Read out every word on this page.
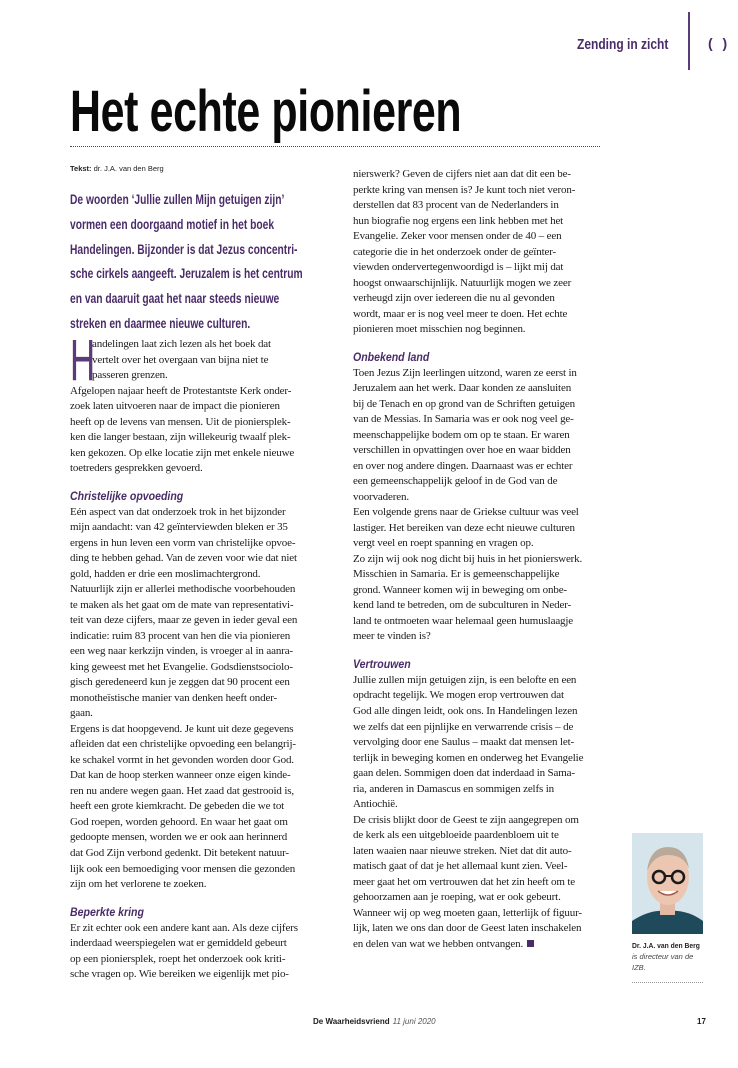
Zending in zicht	( )
Het echte pionieren
Tekst: dr. J.A. van den Berg
De woorden ‘Jullie zullen Mijn getuigen zijn’
vormen een doorgaand motief in het boek
Handelingen. Bijzonder is dat Jezus concentri-
sche cirkels aangeeft. Jeruzalem is het centrum
en van daaruit gaat het naar steeds nieuwe
streken en daarmee nieuwe culturen.
H
andelingen laat zich lezen als het boek dat
vertelt over het overgaan van bijna niet te
passeren grenzen.
Afgelopen najaar heeft de Protestantste Kerk onder-
zoek laten uitvoeren naar de impact die pionieren
heeft op de levens van mensen. Uit de pioniersplek-
ken die langer bestaan, zijn willekeurig twaalf plek-
ken gekozen. Op elke locatie zijn met enkele nieuwe
toetreders gesprekken gevoerd.
Christelijke opvoeding
Eén aspect van dat onderzoek trok in het bijzonder
mijn aandacht: van 42 geïnterviewden bleken er 35
ergens in hun leven een vorm van christelijke opvoe-
ding te hebben gehad. Van de zeven voor wie dat niet
gold, hadden er drie een moslimachtergrond.
Natuurlijk zijn er allerlei methodische voorbehouden
te maken als het gaat om de mate van representativi-
teit van deze cijfers, maar ze geven in ieder geval een
indicatie: ruim 83 procent van hen die via pionieren
een weg naar kerkzijn vinden, is vroeger al in aanra-
king geweest met het Evangelie. Godsdienstsociolo-
gisch geredeneerd kun je zeggen dat 90 procent een
monotheïstische manier van denken heeft onder-
gaan.
Ergens is dat hoopgevend. Je kunt uit deze gegevens
afleiden dat een christelijke opvoeding een belangrij-
ke schakel vormt in het gevonden worden door God.
Dat kan de hoop sterken wanneer onze eigen kinde-
ren nu andere wegen gaan. Het zaad dat gestrooid is,
heeft een grote kiemkracht. De gebeden die we tot
God roepen, worden gehoord. En waar het gaat om
gedoopte mensen, worden we er ook aan herinnerd
dat God Zijn verbond gedenkt. Dit betekent natuur-
lijk ook een bemoediging voor mensen die gezonden
zijn om het verlorene te zoeken.
Beperkte kring
Er zit echter ook een andere kant aan. Als deze cijfers
inderdaad weerspiegelen wat er gemiddeld gebeurt
op een pioniersplek, roept het onderzoek ook kriti-
sche vragen op. Wie bereiken we eigenlijk met pio-
nierswerk? Geven de cijfers niet aan dat dit een be-
perkte kring van mensen is? Je kunt toch niet veron-
derstellen dat 83 procent van de Nederlanders in
hun biografie nog ergens een link hebben met het
Evangelie. Zeker voor mensen onder de 40 – een
categorie die in het onderzoek onder de geïnter-
viewden ondervertegenwoordigd is – lijkt mij dat
hoogst onwaarschijnlijk. Natuurlijk mogen we zeer
verheugd zijn over iedereen die nu al gevonden
wordt, maar er is nog veel meer te doen. Het echte
pionieren moet misschien nog beginnen.
Onbekend land
Toen Jezus Zijn leerlingen uitzond, waren ze eerst in
Jeruzalem aan het werk. Daar konden ze aansluiten
bij de Tenach en op grond van de Schriften getuigen
van de Messias. In Samaria was er ook nog veel ge-
meenschappelijke bodem om op te staan. Er waren
verschillen in opvattingen over hoe en waar bidden
en over nog andere dingen. Daarnaast was er echter
een gemeenschappelijk geloof in de God van de
voorvaderen.
Een volgende grens naar de Griekse cultuur was veel
lastiger. Het bereiken van deze echt nieuwe culturen
vergt veel en roept spanning en vragen op.
Zo zijn wij ook nog dicht bij huis in het pionierswerk.
Misschien in Samaria. Er is gemeenschappelijke
grond. Wanneer komen wij in beweging om onbe-
kend land te betreden, om de subculturen in Neder-
land te ontmoeten waar helemaal geen humuslaagje
meer te vinden is?
Vertrouwen
Jullie zullen mijn getuigen zijn, is een belofte en een
opdracht tegelijk. We mogen erop vertrouwen dat
God alle dingen leidt, ook ons. In Handelingen lezen
we zelfs dat een pijnlijke en verwarrende crisis – de
vervolging door ene Saulus – maakt dat mensen let-
terlijk in beweging komen en onderweg het Evangelie
gaan delen. Sommigen doen dat inderdaad in Sama-
ria, anderen in Damascus en sommigen zelfs in
Antiochië.
De crisis blijkt door de Geest te zijn aangegrepen om
de kerk als een uitgebloeide paardenbloem uit te
laten waaien naar nieuwe streken. Niet dat dit auto-
matisch gaat of dat je het allemaal kunt zien. Veel-
meer gaat het om vertrouwen dat het zin heeft om te
gehoorzamen aan je roeping, wat er ook gebeurt.
Wanneer wij op weg moeten gaan, letterlijk of figuur-
lijk, laten we ons dan door de Geest laten inschakelen
en delen van wat we hebben ontvangen.	Dr. J.A. van den Berg
is directeur van de IZB.
De Waarheidsvriend 11 juni 2020	17
